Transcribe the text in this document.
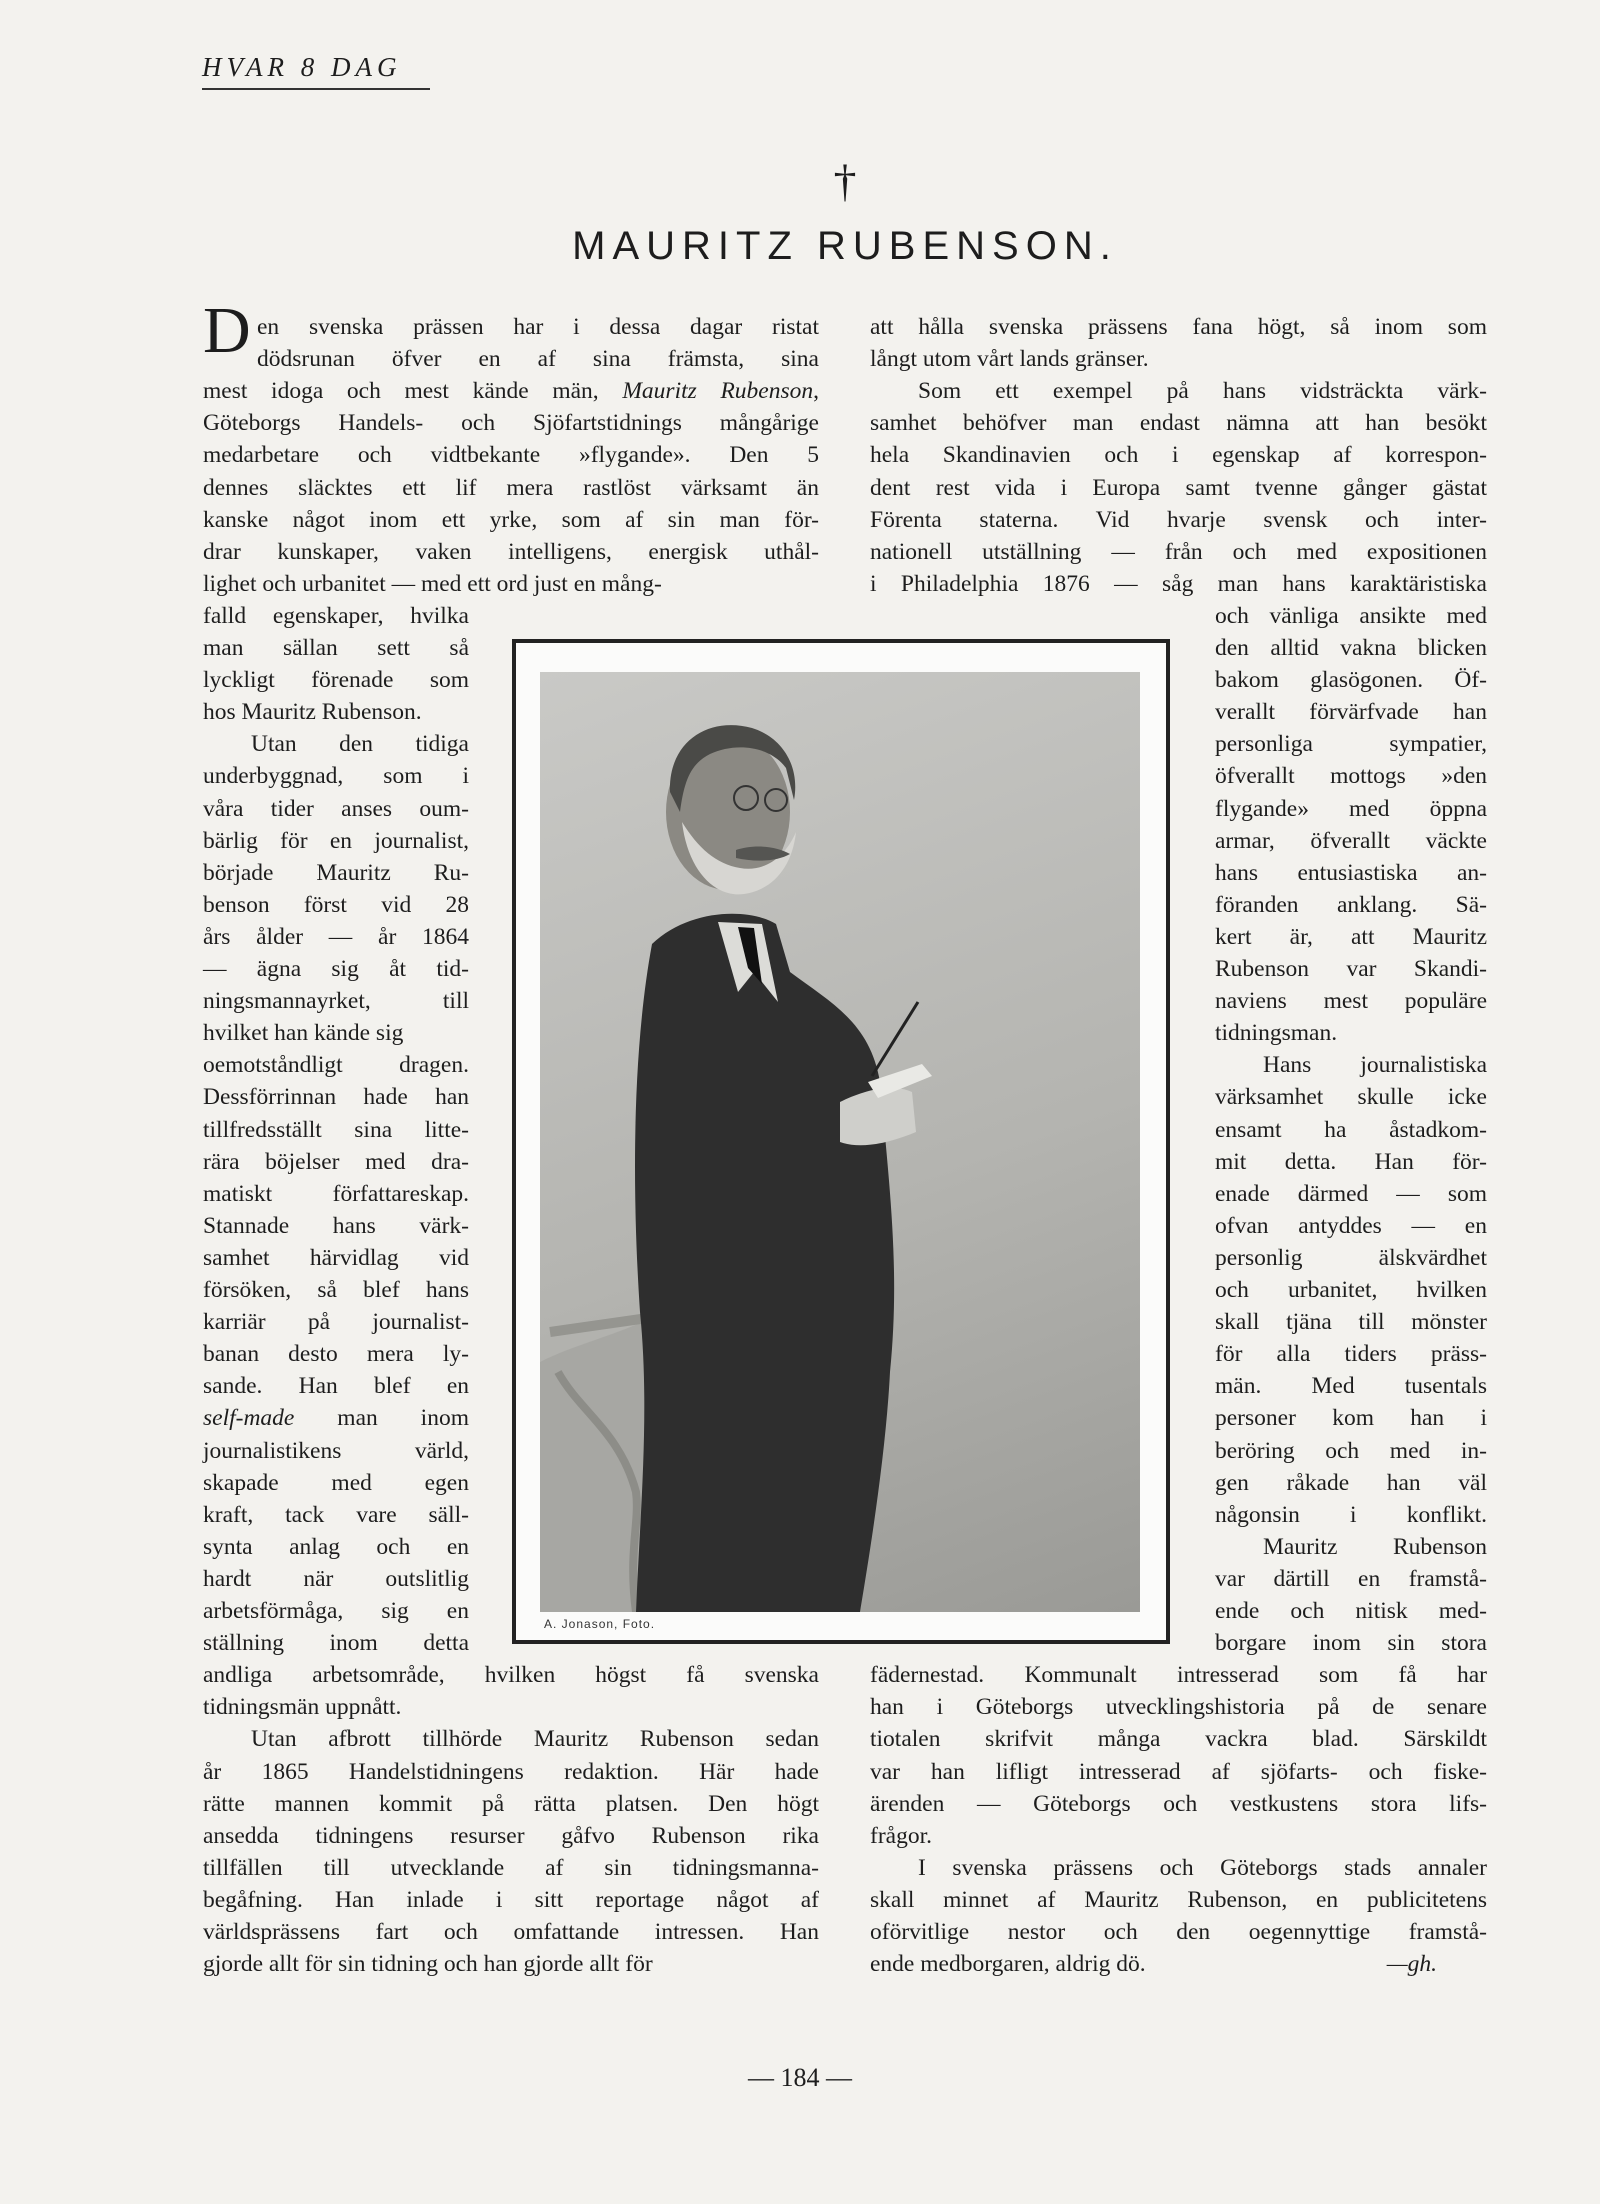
HVAR 8 DAG
†
MAURITZ RUBENSON.
D en svenska prässen har i dessa dagar ristat
dödsrunan öfver en af sina främsta, sina
mest idoga och mest kände män, Mauritz Rubenson,
Göteborgs Handels- och Sjöfartstidnings mångårige
medarbetare och vidtbekante »flygande». Den 5
dennes släcktes ett lif mera rastlöst värksamt än
kanske något inom ett yrke, som af sin man för-
drar kunskaper, vaken intelligens, energisk uthål-
lighet och urbanitet — med ett ord just en mång-
falld egenskaper, hvilka
man sällan sett så
lyckligt förenade som
hos Mauritz Rubenson.
Utan den tidiga
underbyggnad, som i
våra tider anses oum-
bärlig för en journalist,
började Mauritz Ru-
benson först vid 28
års ålder — år 1864
— ägna sig åt tid-
ningsmannayrket, till
hvilket han kände sig
oemotståndligt dragen.
Dessförrinnan hade han
tillfredsställt sina litte-
rära böjelser med dra-
matiskt författareskap.
Stannade hans värk-
samhet härvidlag vid
försöken, så blef hans
karriär på journalist-
banan desto mera ly-
sande. Han blef en
self-made man inom
journalistikens värld,
skapade med egen
kraft, tack vare säll-
synta anlag och en
hardt när outslitlig
arbetsförmåga, sig en
ställning inom detta
andliga arbetsområde, hvilken högst få svenska
tidningsmän uppnått.
Utan afbrott tillhörde Mauritz Rubenson sedan
år 1865 Handelstidningens redaktion. Här hade
rätte mannen kommit på rätta platsen. Den högt
ansedda tidningens resurser gåfvo Rubenson rika
tillfällen till utvecklande af sin tidningsmanna-
begåfning. Han inlade i sitt reportage något af
världsprässens fart och omfattande intressen. Han
gjorde allt för sin tidning och han gjorde allt för
att hålla svenska prässens fana högt, så inom som
långt utom vårt lands gränser.
Som ett exempel på hans vidsträckta värk-
samhet behöfver man endast nämna att han besökt
hela Skandinavien och i egenskap af korrespon-
dent rest vida i Europa samt tvenne gånger gästat
Förenta staterna. Vid hvarje svensk och inter-
nationell utställning — från och med expositionen
i Philadelphia 1876 — såg man hans karaktäristiska
och vänliga ansikte med
den alltid vakna blicken
bakom glasögonen. Öf-
verallt förvärfvade han
personliga sympatier,
öfverallt mottogs »den
flygande» med öppna
armar, öfverallt väckte
hans entusiastiska an-
föranden anklang. Sä-
kert är, att Mauritz
Rubenson var Skandi-
naviens mest populäre
tidningsman.
Hans journalistiska
värksamhet skulle icke
ensamt ha åstadkom-
mit detta. Han för-
enade därmed — som
ofvan antyddes — en
personlig älskvärdhet
och urbanitet, hvilken
skall tjäna till mönster
för alla tiders präss-
män. Med tusentals
personer kom han i
beröring och med in-
gen råkade han väl
någonsin i konflikt.
Mauritz Rubenson
var därtill en framstå-
ende och nitisk med-
borgare inom sin stora
fädernestad. Kommunalt intresserad som få har
han i Göteborgs utvecklingshistoria på de senare
tiotalen skrifvit många vackra blad. Särskildt
var han lifligt intresserad af sjöfarts- och fiske-
ärenden — Göteborgs och vestkustens stora lifs-
frågor.
I svenska prässens och Göteborgs stads annaler
skall minnet af Mauritz Rubenson, en publicitetens
oförvitlige nestor och den oegennyttige framstå-
ende medborgaren, aldrig dö.	—gh.
A. Jonason, Foto.
— 184 —
